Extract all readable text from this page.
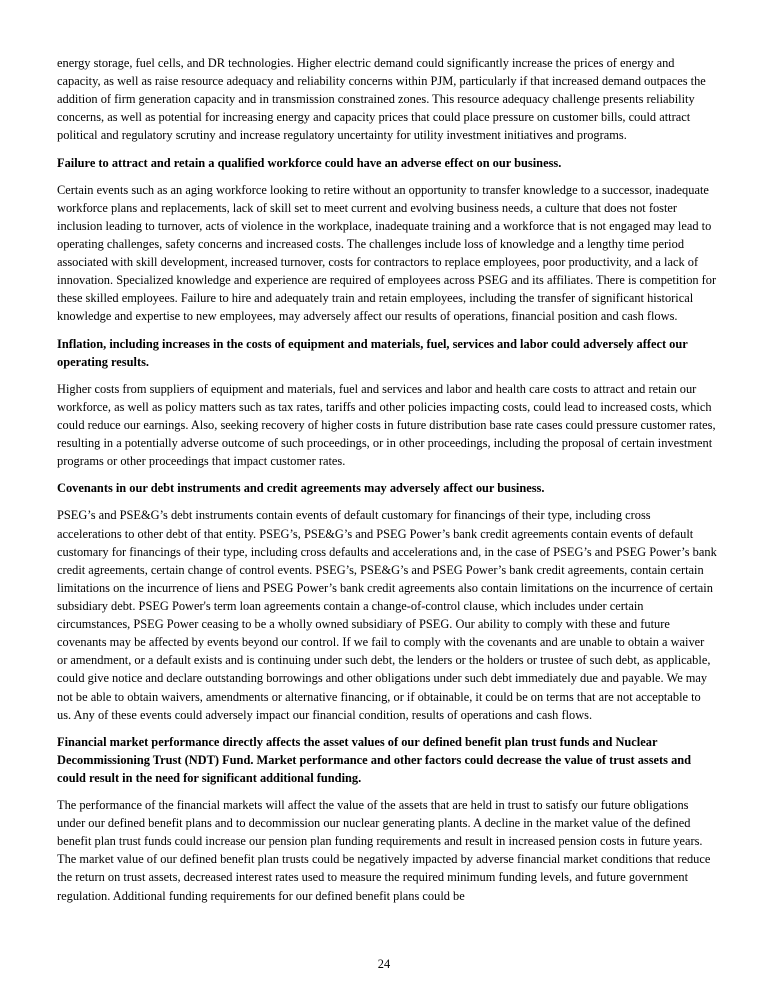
energy storage, fuel cells, and DR technologies. Higher electric demand could significantly increase the prices of energy and capacity, as well as raise resource adequacy and reliability concerns within PJM, particularly if that increased demand outpaces the addition of firm generation capacity and in transmission constrained zones. This resource adequacy challenge presents reliability concerns, as well as potential for increasing energy and capacity prices that could place pressure on customer bills, could attract political and regulatory scrutiny and increase regulatory uncertainty for utility investment initiatives and programs.

Failure to attract and retain a qualified workforce could have an adverse effect on our business.

Certain events such as an aging workforce looking to retire without an opportunity to transfer knowledge to a successor, inadequate workforce plans and replacements, lack of skill set to meet current and evolving business needs, a culture that does not foster inclusion leading to turnover, acts of violence in the workplace, inadequate training and a workforce that is not engaged may lead to operating challenges, safety concerns and increased costs. The challenges include loss of knowledge and a lengthy time period associated with skill development, increased turnover, costs for contractors to replace employees, poor productivity, and a lack of innovation. Specialized knowledge and experience are required of employees across PSEG and its affiliates. There is competition for these skilled employees. Failure to hire and adequately train and retain employees, including the transfer of significant historical knowledge and expertise to new employees, may adversely affect our results of operations, financial position and cash flows.

Inflation, including increases in the costs of equipment and materials, fuel, services and labor could adversely affect our operating results.

Higher costs from suppliers of equipment and materials, fuel and services and labor and health care costs to attract and retain our workforce, as well as policy matters such as tax rates, tariffs and other policies impacting costs, could lead to increased costs, which could reduce our earnings. Also, seeking recovery of higher costs in future distribution base rate cases could pressure customer rates, resulting in a potentially adverse outcome of such proceedings, or in other proceedings, including the proposal of certain investment programs or other proceedings that impact customer rates.

Covenants in our debt instruments and credit agreements may adversely affect our business.

PSEG’s and PSE&G’s debt instruments contain events of default customary for financings of their type, including cross accelerations to other debt of that entity. PSEG’s, PSE&G’s and PSEG Power’s bank credit agreements contain events of default customary for financings of their type, including cross defaults and accelerations and, in the case of PSEG’s and PSEG Power’s bank credit agreements, certain change of control events. PSEG’s, PSE&G’s and PSEG Power’s bank credit agreements, contain certain limitations on the incurrence of liens and PSEG Power’s bank credit agreements also contain limitations on the incurrence of certain subsidiary debt. PSEG Power's term loan agreements contain a change-of-control clause, which includes under certain circumstances, PSEG Power ceasing to be a wholly owned subsidiary of PSEG. Our ability to comply with these and future covenants may be affected by events beyond our control. If we fail to comply with the covenants and are unable to obtain a waiver or amendment, or a default exists and is continuing under such debt, the lenders or the holders or trustee of such debt, as applicable, could give notice and declare outstanding borrowings and other obligations under such debt immediately due and payable. We may not be able to obtain waivers, amendments or alternative financing, or if obtainable, it could be on terms that are not acceptable to us. Any of these events could adversely impact our financial condition, results of operations and cash flows.

Financial market performance directly affects the asset values of our defined benefit plan trust funds and Nuclear Decommissioning Trust (NDT) Fund. Market performance and other factors could decrease the value of trust assets and could result in the need for significant additional funding.

The performance of the financial markets will affect the value of the assets that are held in trust to satisfy our future obligations under our defined benefit plans and to decommission our nuclear generating plants. A decline in the market value of the defined benefit plan trust funds could increase our pension plan funding requirements and result in increased pension costs in future years. The market value of our defined benefit plan trusts could be negatively impacted by adverse financial market conditions that reduce the return on trust assets, decreased interest rates used to measure the required minimum funding levels, and future government regulation. Additional funding requirements for our defined benefit plans could be

24
